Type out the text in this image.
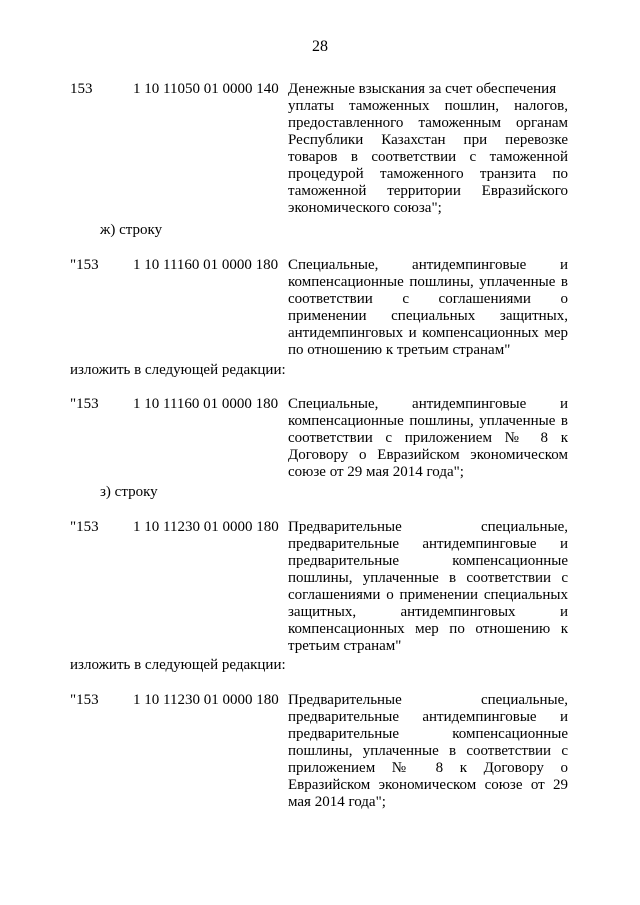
28
153	1 10 11050 01 0000 140 Денежные взыскания за счет обеспечения
уплаты таможенных пошлин, налогов,
предоставленного таможенным органам
Республики Казахстан при перевозке
товаров в соответствии с таможенной
процедурой таможенного транзита по
таможенной территории Евразийского
экономического союза";
ж) строку
"153 1 10 11160 01 0000 180 Специальные, антидемпинговые и
компенсационные пошлины, уплаченные в
соответствии с соглашениями о
применении специальных защитных,
антидемпинговых и компенсационных мер
по отношению к третьим странам"
изложить в следующей редакции:
"153 1 10 11160 01 0000 180 Специальные, антидемпинговые и
компенсационные пошлины, уплаченные в
соответствии с приложением № 8 к
Договору о Евразийском экономическом
союзе от 29 мая 2014 года";
з) строку
"153 1 10 11230 01 0000 180 Предварительные специальные,
предварительные антидемпинговые и
предварительные компенсационные
пошлины, уплаченные в соответствии с
соглашениями о применении специальных
защитных, антидемпинговых и
компенсационных мер по отношению к
третьим странам"
изложить в следующей редакции:
"153 1 10 11230 01 0000 180 Предварительные специальные,
предварительные антидемпинговые и
предварительные компенсационные
пошлины, уплаченные в соответствии с
приложением № 8 к Договору о
Евразийском экономическом союзе от 29
мая 2014 года";
